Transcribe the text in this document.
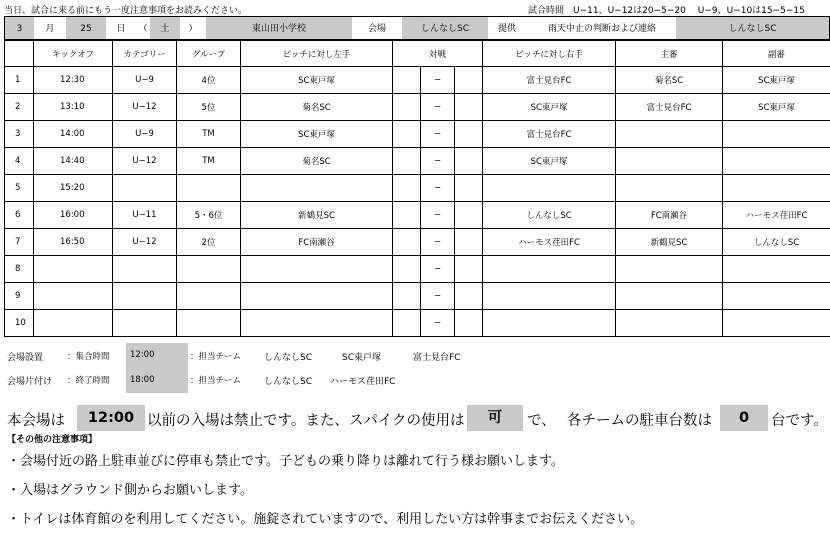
当日、試合に来る前にもう一度注意事項をお読みください。	試合時間　U−11、U−12は20−5−20　 U−9、U−10は15−5−15
3	月	25	日	（	土	）	東山田小学校	会場	しんなしSC	提供	雨天中止の判断および連絡	しんなしSC
	キックオフ	カテゴリー	グループ	ピッチに対し左手	対戦			ピッチに対し右手	主審	副審
1	12:30	U−9	4位	SC東戸塚		−		富士見台FC	菊名SC	SC東戸塚
2	13:10	U−12	5位	菊名SC		−		SC東戸塚	富士見台FC	SC東戸塚
3	14:00	U−9	TM	SC東戸塚		−		富士見台FC		
4	14:40	U−12	TM	菊名SC		−		SC東戸塚		
5	15:20					−				
6	16:00	U−11	5・6位	新鶴見SC		−		しんなしSC	FC南瀬谷	ハーモス荏田FC
7	16:50	U−12	2位	FC南瀬谷		−		ハーモス荏田FC	新鶴見SC	しんなしSC
8						−				
9						−				
10						−				
会場設置	：集合時間	12:00	：担当チーム	しんなしSC	SC東戸塚	富士見台FC
会場片付け ：終了時間	18:00	：担当チーム	しんなしSC ハーモス荏田FC
本会場は	12:00 以前の入場は禁止です。また、スパイクの使用は	可	で、 各チームの駐車台数は	0	台です。
【その他の注意事項】
・会場付近の路上駐車並びに停車も禁止です。子どもの乗り降りは離れて行う様お願いします。
・入場はグラウンド側からお願いします。
・トイレは体育館のを利用してください。施錠されていますので、利用したい方は幹事までお伝えください。
